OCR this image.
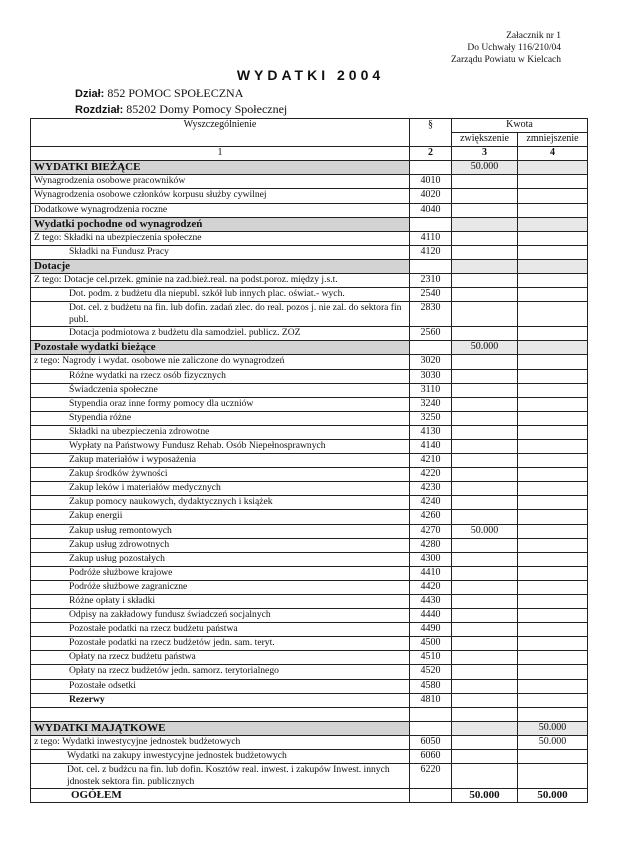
Załacznik nr 1
Do Uchwały 116/210/04
Zarządu Powiatu w Kielcach
WYDATKI 2004
Dział: 852 POMOC SPOŁECZNA
Rozdział: 85202 Domy Pomocy Społecznej
Wyszczególnienie	§	Kwota	
		zwiększenie	zmniejszenie
1	2	3	4
WYDATKI BIEŻĄCE		50.000	
Wynagrodzenia osobowe pracowników	4010		
Wynagrodzenia osobowe członków korpusu służby cywilnej	4020		
Dodatkowe wynagrodzenia roczne	4040		
Wydatki pochodne od wynagrodzeń			
Z tego: Składki na ubezpieczenia społeczne	4110		
Składki na Fundusz Pracy	4120		
Dotacje			
Z tego: Dotacje cel.przek. gminie na zad.bież.real. na podst.poroz. między j.s.t.	2310		
Dot. podm. z budżetu dla niepubl. szkół lub innych plac. oświat.- wych.	2540		
Dot. cel. z budżetu na fin. lub dofin. zadań zlec. do real. pozos j. nie zal. do sektora fin publ.	2830		
Dotacja podmiotowa z budżetu dla samodziel. publicz. ZOZ	2560		
Pozostałe wydatki bieżące		50.000	
z tego: Nagrody i wydat. osobowe nie zaliczone do wynagrodzeń	3020		
Różne wydatki na rzecz osób fizycznych	3030		
Świadczenia społeczne	3110		
Stypendia oraz inne formy pomocy dla uczniów	3240		
Stypendia różne	3250		
Składki na ubezpieczenia zdrowotne	4130		
Wypłaty na Państwowy Fundusz Rehab. Osób Niepełnosprawnych	4140		
Zakup materiałów i wyposażenia	4210		
Zakup środków żywności	4220		
Zakup leków i materiałów medycznych	4230		
Zakup pomocy naukowych, dydaktycznych i książek	4240		
Zakup energii	4260		
Zakup usług remontowych	4270	50.000	
Zakup usług zdrowotnych	4280		
Zakup usług pozostałych	4300		
Podróże służbowe krajowe	4410		
Podróże służbowe zagraniczne	4420		
Różne opłaty i składki	4430		
Odpisy na zakładowy fundusz świadczeń socjalnych	4440		
Pozostałe podatki na rzecz budżetu państwa	4490		
Pozostałe podatki na rzecz budżetów jedn. sam. teryt.	4500		
Opłaty na rzecz budżetu państwa	4510		
Opłaty na rzecz budżetów jedn. samorz. terytorialnego	4520		
Pozostałe odsetki	4580		
Rezerwy	4810		

WYDATKI MAJĄTKOWE			50.000
z tego: Wydatki inwestycyjne jednostek budżetowych	6050		50.000
Wydatki na zakupy inwestycyjne jednostek budżetowych	6060		
Dot. cel. z budżcu na fin. lub dofin. Kosztów real. inwest. i zakupów Inwest. innych jdnostek sektora fin. publicznych	6220		
OGÓŁEM		50.000	50.000
